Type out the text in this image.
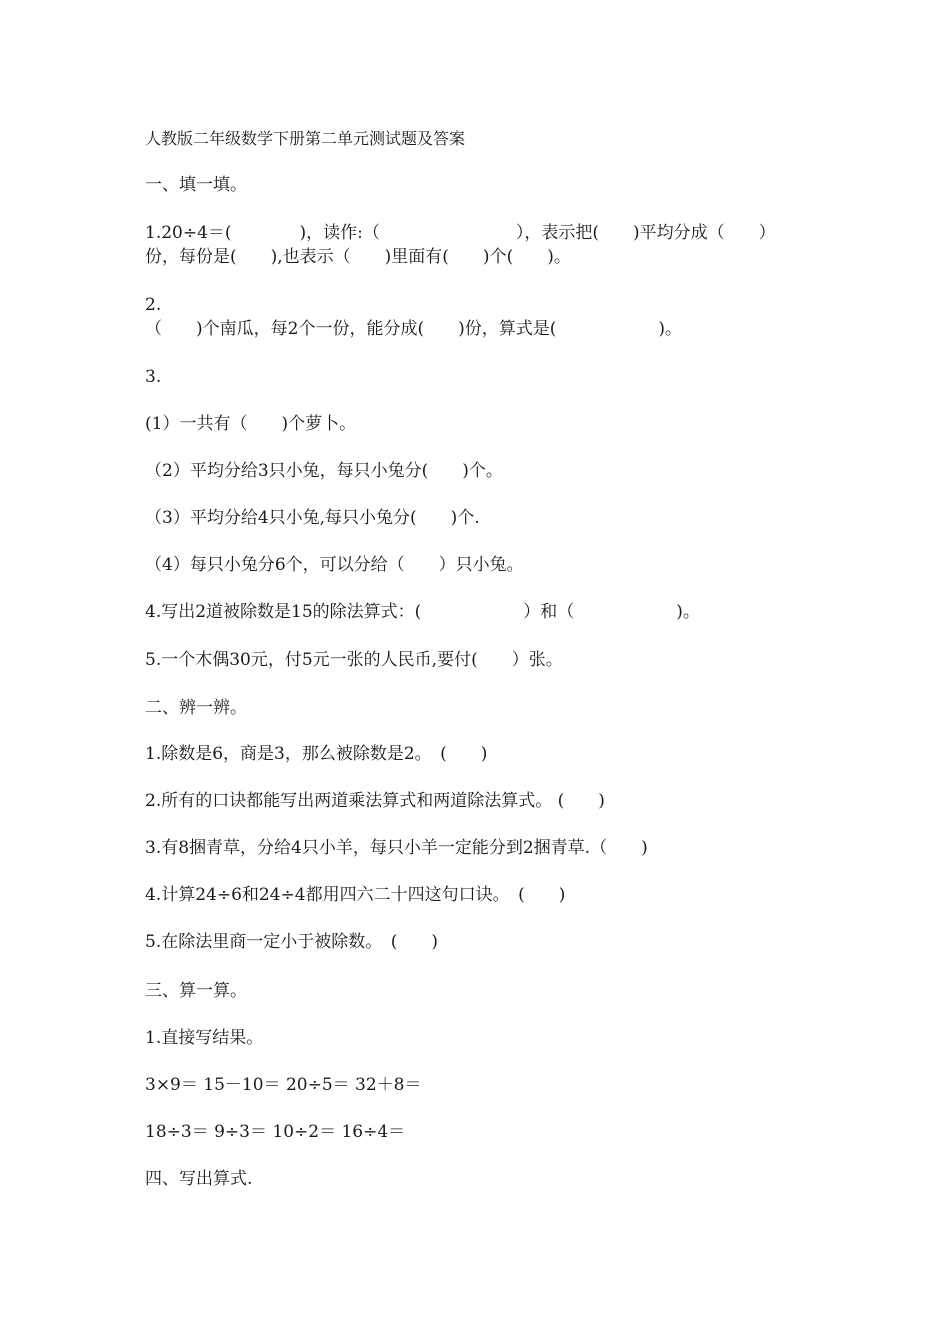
人教版二年级数学下册第二单元测试题及答案
一、填一填。
1.20÷4＝(　　　　)，读作:（　　　　　　　　），表示把(　　)平均分成（　　）
份，每份是(　　),也表示（　　)里面有(　　)个(　　)。
2.
（　　)个南瓜，每2个一份，能分成(　　)份，算式是(　　　　　　)。
3.
(1）一共有（　　)个萝卜。
（2）平均分给3只小兔，每只小兔分(　　)个。
（3）平均分给4只小兔,每只小兔分(　　)个.
（4）每只小兔分6个，可以分给（　　）只小兔。
4.写出2道被除数是15的除法算式：(　　　　　　）和（　　　　　　)。
5.一个木偶30元，付5元一张的人民币,要付(　　）张。
二、辨一辨。
1.除数是6，商是3，那么被除数是2。　(　　)
2.所有的口诀都能写出两道乘法算式和两道除法算式。 (　　)
3.有8捆青草，分给4只小羊，每只小羊一定能分到2捆青草.（　　)
4.计算24÷6和24÷4都用四六二十四这句口诀。　(　　)
5.在除法里商一定小于被除数。　(　　)
三、算一算。
1.直接写结果。
3×9＝ 15－10＝ 20÷5＝ 32＋8＝
18÷3＝ 9÷3＝ 10÷2＝ 16÷4＝
四、写出算式.
